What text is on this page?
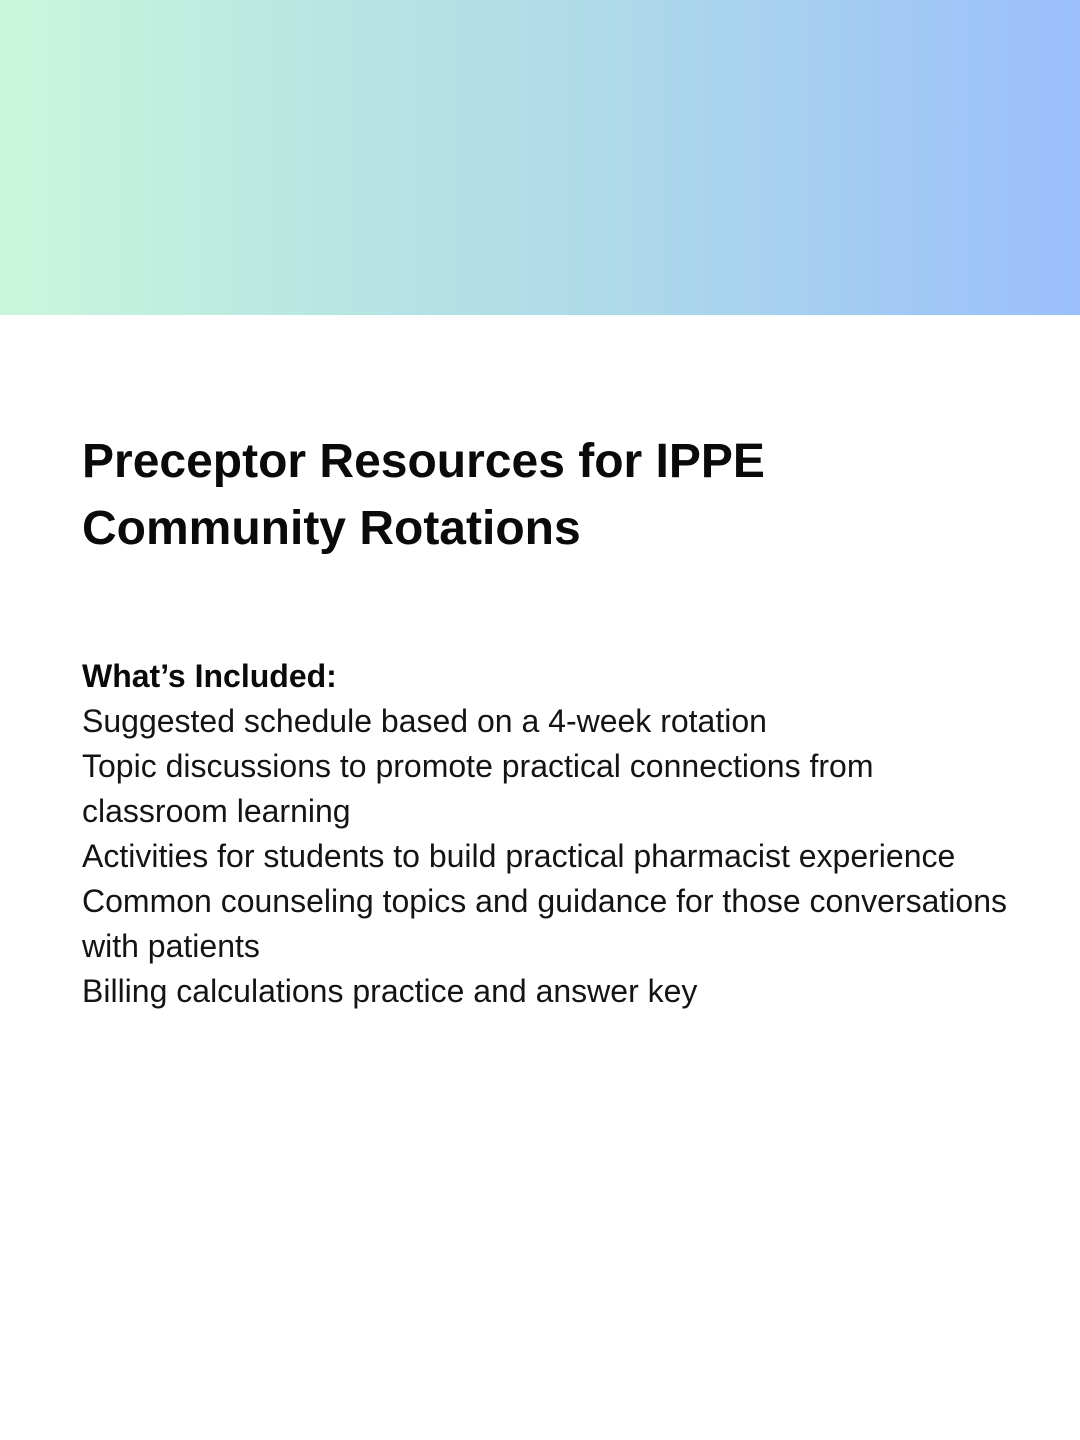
Preceptor Resources for IPPE
Community Rotations
What’s Included:
Suggested schedule based on a 4-week rotation
Topic discussions to promote practical connections from classroom learning
Activities for students to build practical pharmacist experience
Common counseling topics and guidance for those conversations with patients
Billing calculations practice and answer key
